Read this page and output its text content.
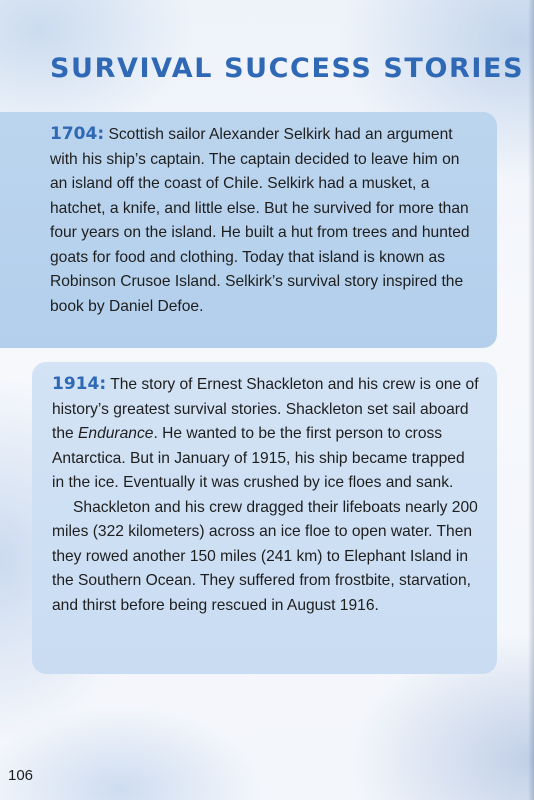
SURVIVAL SUCCESS STORIES

1704: Scottish sailor Alexander Selkirk had an argument with his ship’s captain. The captain decided to leave him on an island off the coast of Chile. Selkirk had a musket, a hatchet, a knife, and little else. But he survived for more than four years on the island. He built a hut from trees and hunted goats for food and clothing. Today that island is known as Robinson Crusoe Island. Selkirk’s survival story inspired the book by Daniel Defoe.

1914: The story of Ernest Shackleton and his crew is one of history’s greatest survival stories. Shackleton set sail aboard the Endurance. He wanted to be the first person to cross Antarctica. But in January of 1915, his ship became trapped in the ice. Eventually it was crushed by ice floes and sank.

Shackleton and his crew dragged their lifeboats nearly 200 miles (322 kilometers) across an ice floe to open water. Then they rowed another 150 miles (241 km) to Elephant Island in the Southern Ocean. They suffered from frostbite, starvation, and thirst before being rescued in August 1916.

106
